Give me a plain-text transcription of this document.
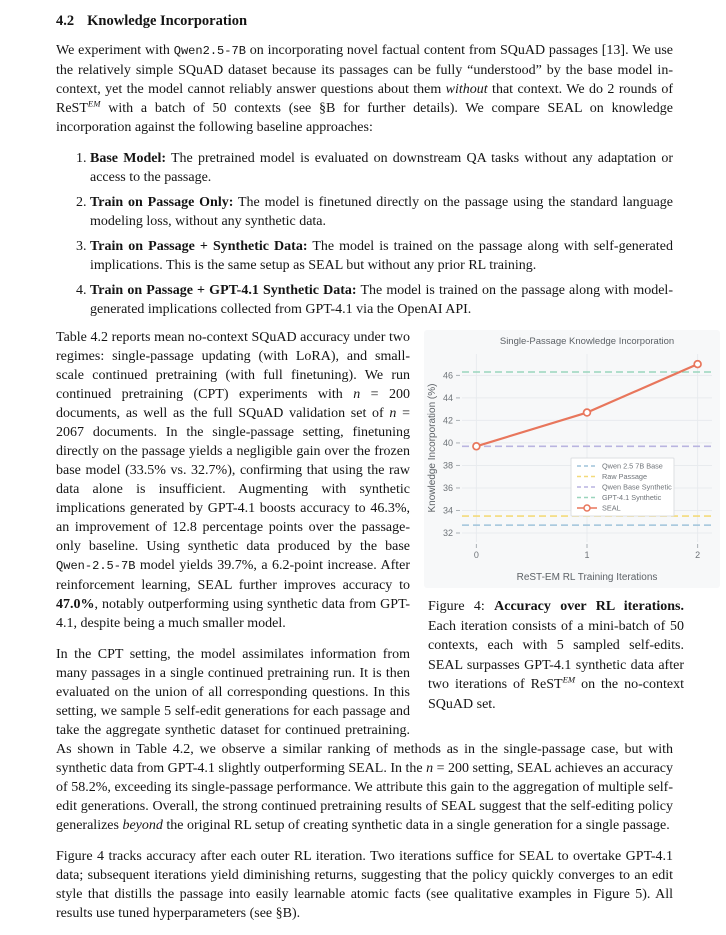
4.2 Knowledge Incorporation

We experiment with Qwen2.5-7B on incorporating novel factual content from SQuAD passages [13]. We use the relatively simple SQuAD dataset because its passages can be fully “understood” by the base model in-context, yet the model cannot reliably answer questions about them without that context. We do 2 rounds of ReST$^{EM}$ with a batch of 50 contexts (see §B for further details). We compare SEAL on knowledge incorporation against the following baseline approaches:

1. Base Model: The pretrained model is evaluated on downstream QA tasks without any adaptation or access to the passage.
2. Train on Passage Only: The model is finetuned directly on the passage using the standard language modeling loss, without any synthetic data.
3. Train on Passage + Synthetic Data: The model is trained on the passage along with self-generated implications. This is the same setup as SEAL but without any prior RL training.
4. Train on Passage + GPT-4.1 Synthetic Data: The model is trained on the passage along with model-generated implications collected from GPT-4.1 via the OpenAI API.
0	1	2
32
34
36
38
40
42
44
46
Single-Passage Knowledge Incorporation
ReST-EM RL Training Iterations
Knowledge Incorporation (%)	Qwen 2.5 7B Base
Raw Passage
Qwen Base Synthetic
GPT-4.1 Synthetic
SEAL
Figure 4: Accuracy over RL iterations. Each iteration consists of a mini-batch of 50 contexts, each with 5 sampled self-edits. SEAL surpasses GPT-4.1 synthetic data after two iterations of ReST$^{EM}$ on the no-context SQuAD set.

Table 4.2 reports mean no-context SQuAD accuracy under two regimes: single-passage updating (with LoRA), and small-scale continued pretraining (with full finetuning). We run continued pretraining (CPT) experiments with n = 200 documents, as well as the full SQuAD validation set of n = 2067 documents. In the single-passage setting, finetuning directly on the passage yields a negligible gain over the frozen base model (33.5% vs. 32.7%), confirming that using the raw data alone is insufficient. Augmenting with synthetic implications generated by GPT-4.1 boosts accuracy to 46.3%, an improvement of 12.8 percentage points over the passage-only baseline. Using synthetic data produced by the base Qwen-2.5-7B model yields 39.7%, a 6.2-point increase. After reinforcement learning, SEAL further improves accuracy to 47.0%, notably outperforming using synthetic data from GPT-4.1, despite being a much smaller model.

In the CPT setting, the model assimilates information from many passages in a single continued pretraining run. It is then evaluated on the union of all corresponding questions. In this setting, we sample 5 self-edit generations for each passage and take the aggregate synthetic dataset for continued pretraining. As shown in Table 4.2, we observe a similar ranking of methods as in the single-passage case, but with synthetic data from GPT-4.1 slightly outperforming SEAL. In the n = 200 setting, SEAL achieves an accuracy of 58.2%, exceeding its single-passage performance. We attribute this gain to the aggregation of multiple self-edit generations. Overall, the strong continued pretraining results of SEAL suggest that the self-editing policy generalizes beyond the original RL setup of creating synthetic data in a single generation for a single passage.

Figure 4 tracks accuracy after each outer RL iteration. Two iterations suffice for SEAL to overtake GPT-4.1 data; subsequent iterations yield diminishing returns, suggesting that the policy quickly converges to an edit style that distills the passage into easily learnable atomic facts (see qualitative examples in Figure 5). All results use tuned hyperparameters (see §B).
